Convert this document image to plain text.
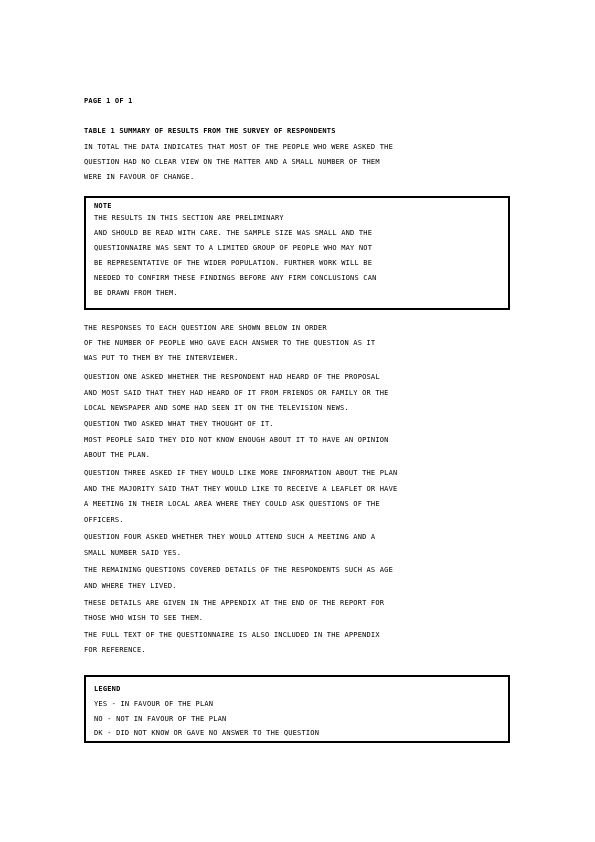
PAGE 1 OF 1
TABLE 1 SUMMARY OF RESULTS FROM THE SURVEY OF RESPONDENTS
IN TOTAL THE DATA INDICATES THAT MOST OF THE PEOPLE WHO WERE ASKED THE
QUESTION HAD NO CLEAR VIEW ON THE MATTER AND A SMALL NUMBER OF THEM
WERE IN FAVOUR OF CHANGE.
NOTE
THE RESULTS IN THIS SECTION ARE PRELIMINARY
AND SHOULD BE READ WITH CARE. THE SAMPLE SIZE WAS SMALL AND THE
QUESTIONNAIRE WAS SENT TO A LIMITED GROUP OF PEOPLE WHO MAY NOT
BE REPRESENTATIVE OF THE WIDER POPULATION. FURTHER WORK WILL BE
NEEDED TO CONFIRM THESE FINDINGS BEFORE ANY FIRM CONCLUSIONS CAN
BE DRAWN FROM THEM.
THE RESPONSES TO EACH QUESTION ARE SHOWN BELOW IN ORDER
OF THE NUMBER OF PEOPLE WHO GAVE EACH ANSWER TO THE QUESTION AS IT
WAS PUT TO THEM BY THE INTERVIEWER.
QUESTION ONE ASKED WHETHER THE RESPONDENT HAD HEARD OF THE PROPOSAL
AND MOST SAID THAT THEY HAD HEARD OF IT FROM FRIENDS OR FAMILY OR THE
LOCAL NEWSPAPER AND SOME HAD SEEN IT ON THE TELEVISION NEWS.
QUESTION TWO ASKED WHAT THEY THOUGHT OF IT.
MOST PEOPLE SAID THEY DID NOT KNOW ENOUGH ABOUT IT TO HAVE AN OPINION
ABOUT THE PLAN.
QUESTION THREE ASKED IF THEY WOULD LIKE MORE INFORMATION ABOUT THE PLAN
AND THE MAJORITY SAID THAT THEY WOULD LIKE TO RECEIVE A LEAFLET OR HAVE
A MEETING IN THEIR LOCAL AREA WHERE THEY COULD ASK QUESTIONS OF THE
OFFICERS.
QUESTION FOUR ASKED WHETHER THEY WOULD ATTEND SUCH A MEETING AND A
SMALL NUMBER SAID YES.
THE REMAINING QUESTIONS COVERED DETAILS OF THE RESPONDENTS SUCH AS AGE
AND WHERE THEY LIVED.
THESE DETAILS ARE GIVEN IN THE APPENDIX AT THE END OF THE REPORT FOR
THOSE WHO WISH TO SEE THEM.
THE FULL TEXT OF THE QUESTIONNAIRE IS ALSO INCLUDED IN THE APPENDIX
FOR REFERENCE.
LEGEND
YES - IN FAVOUR OF THE PLAN
NO - NOT IN FAVOUR OF THE PLAN
DK - DID NOT KNOW OR GAVE NO ANSWER TO THE QUESTION
